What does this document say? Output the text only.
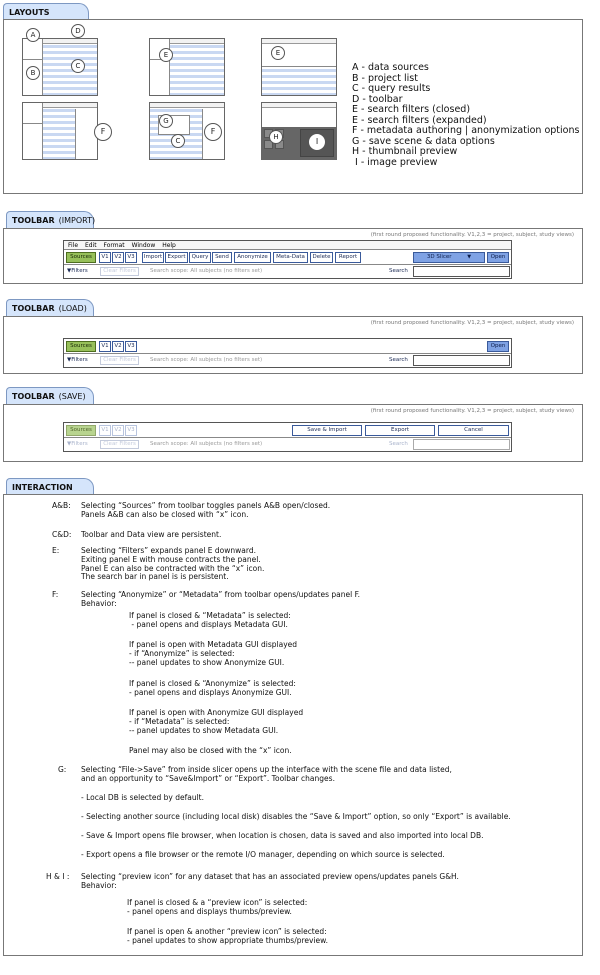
LAYOUTS
A	D
B
C
E	E
F
G
C
F
H	I
A - data sources
B - project list
C - query results
D - toolbar
E - search filters (closed)
E - search filters (expanded)
F - metadata authoring | anonymization options
G - save scene & data options
H - thumbnail preview
I - image preview
TOOLBAR (IMPORT)
(first round proposed functionality. V1,2,3 = project, subject, study views)
File Edit Format Window Help
Sources	V1	V2	V3	Import Export	Query	Send	Anonymize	Meta-Data	Delete	Report	3D Slicer	▼	Open
▼Filters	Clear Filters	Search scope: All subjects (no filters set)	Search
TOOLBAR (LOAD)
(first round proposed functionality. V1,2,3 = project, subject, study views)
Sources	V1	V2	V3	Open
▼Filters	Clear Filters	Search scope: All subjects (no filters set)	Search
TOOLBAR (SAVE)
(first round proposed functionality. V1,2,3 = project, subject, study views)
Sources	V1	V2	V3	Save & Import	Export	Cancel
▼Filters	Clear Filters	Search scope: All subjects (no filters set)	Search
INTERACTION
A&B: Selecting “Sources” from toolbar toggles panels A&B open/closed.
Panels A&B can also be closed with “x” icon.
C&D: Toolbar and Data view are persistent.
E:	Selecting “Filters” expands panel E downward.
Exiting panel E with mouse contracts the panel.
Panel E can also be contracted with the “x” icon.
The search bar in panel is is persistent.
F:	Selecting “Anonymize” or “Metadata” from toolbar opens/updates panel F.
Behavior:
If panel is closed & “Metadata” is selected:
- panel opens and displays Metadata GUI.
If panel is open with Metadata GUI displayed
- if “Anonymize” is selected:
-- panel updates to show Anonymize GUI.
If panel is closed & “Anonymize” is selected:
- panel opens and displays Anonymize GUI.
If panel is open with Anonymize GUI displayed
- if “Metadata” is selected:
-- panel updates to show Metadata GUI.
Panel may also be closed with the “x” icon.
G: Selecting “File->Save” from inside slicer opens up the interface with the scene file and data listed,
and an opportunity to “Save&Import” or “Export”. Toolbar changes.
- Local DB is selected by default.
- Selecting another source (including local disk) disables the “Save & Import” option, so only “Export” is available.
- Save & Import opens file browser, when location is chosen, data is saved and also imported into local DB.
- Export opens a file browser or the remote I/O manager, depending on which source is selected.
H & I : Selecting “preview icon” for any dataset that has an associated preview opens/updates panels G&H.
Behavior:
If panel is closed & a “preview icon” is selected:
- panel opens and displays thumbs/preview.
If panel is open & another “preview icon” is selected:
- panel updates to show appropriate thumbs/preview.
